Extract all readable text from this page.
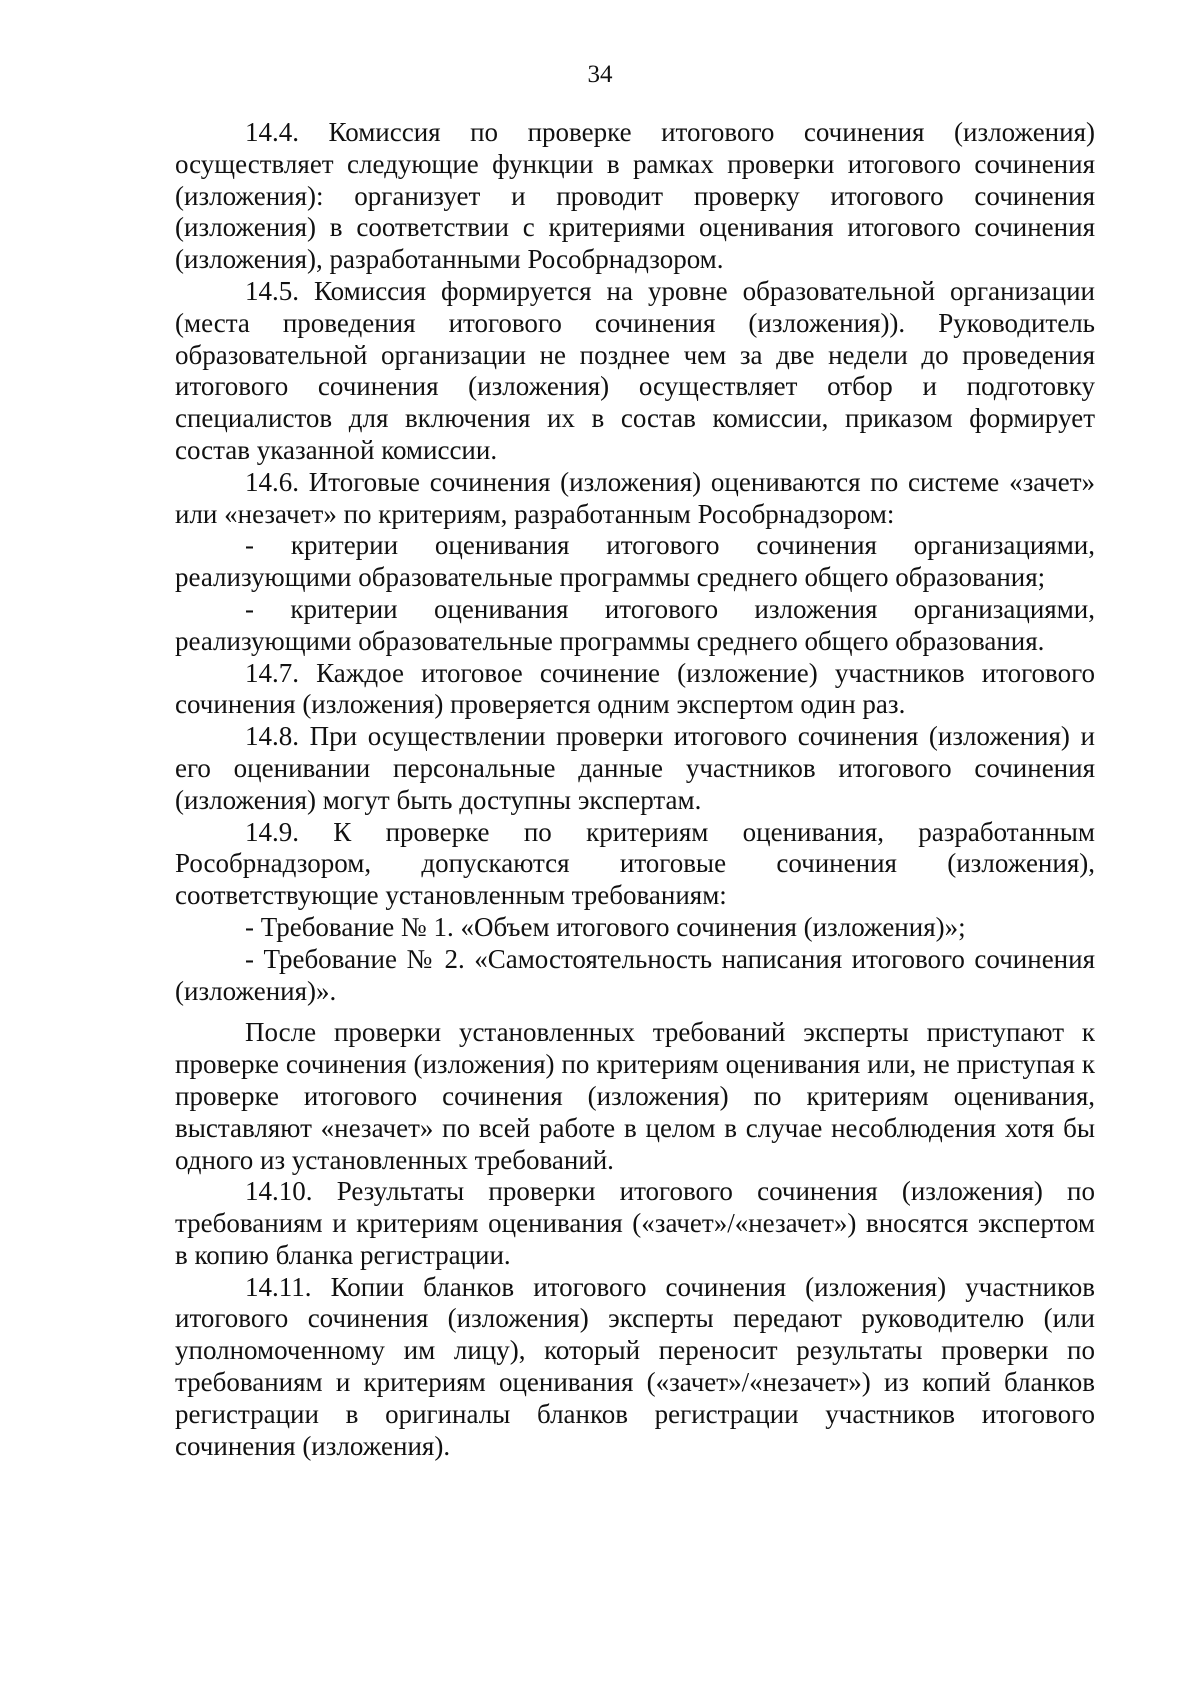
34

14.4. Комиссия по проверке итогового сочинения (изложения) осуществляет следующие функции в рамках проверки итогового сочинения (изложения): организует и проводит проверку итогового сочинения (изложения) в соответствии с критериями оценивания итогового сочинения (изложения), разработанными Рособрнадзором.

14.5. Комиссия формируется на уровне образовательной организации (места проведения итогового сочинения (изложения)). Руководитель образовательной организации не позднее чем за две недели до проведения итогового сочинения (изложения) осуществляет отбор и подготовку специалистов для включения их в состав комиссии, приказом формирует состав указанной комиссии.

14.6. Итоговые сочинения (изложения) оцениваются по системе «зачет» или «незачет» по критериям, разработанным Рособрнадзором:

- критерии оценивания итогового сочинения организациями, реализующими образовательные программы среднего общего образования;

- критерии оценивания итогового изложения организациями, реализующими образовательные программы среднего общего образования.

14.7. Каждое итоговое сочинение (изложение) участников итогового сочинения (изложения) проверяется одним экспертом один раз.

14.8. При осуществлении проверки итогового сочинения (изложения) и его оценивании персональные данные участников итогового сочинения (изложения) могут быть доступны экспертам.

14.9. К проверке по критериям оценивания, разработанным Рособрнадзором, допускаются итоговые сочинения (изложения), соответствующие установленным требованиям:

- Требование № 1. «Объем итогового сочинения (изложения)»;

- Требование № 2. «Самостоятельность написания итогового сочинения (изложения)».

После проверки установленных требований эксперты приступают к проверке сочинения (изложения) по критериям оценивания или, не приступая к проверке итогового сочинения (изложения) по критериям оценивания, выставляют «незачет» по всей работе в целом в случае несоблюдения хотя бы одного из установленных требований.

14.10. Результаты проверки итогового сочинения (изложения) по требованиям и критериям оценивания («зачет»/«незачет») вносятся экспертом в копию бланка регистрации.

14.11. Копии бланков итогового сочинения (изложения) участников итогового сочинения (изложения) эксперты передают руководителю (или уполномоченному им лицу), который переносит результаты проверки по требованиям и критериям оценивания («зачет»/«незачет») из копий бланков регистрации в оригиналы бланков регистрации участников итогового сочинения (изложения).
